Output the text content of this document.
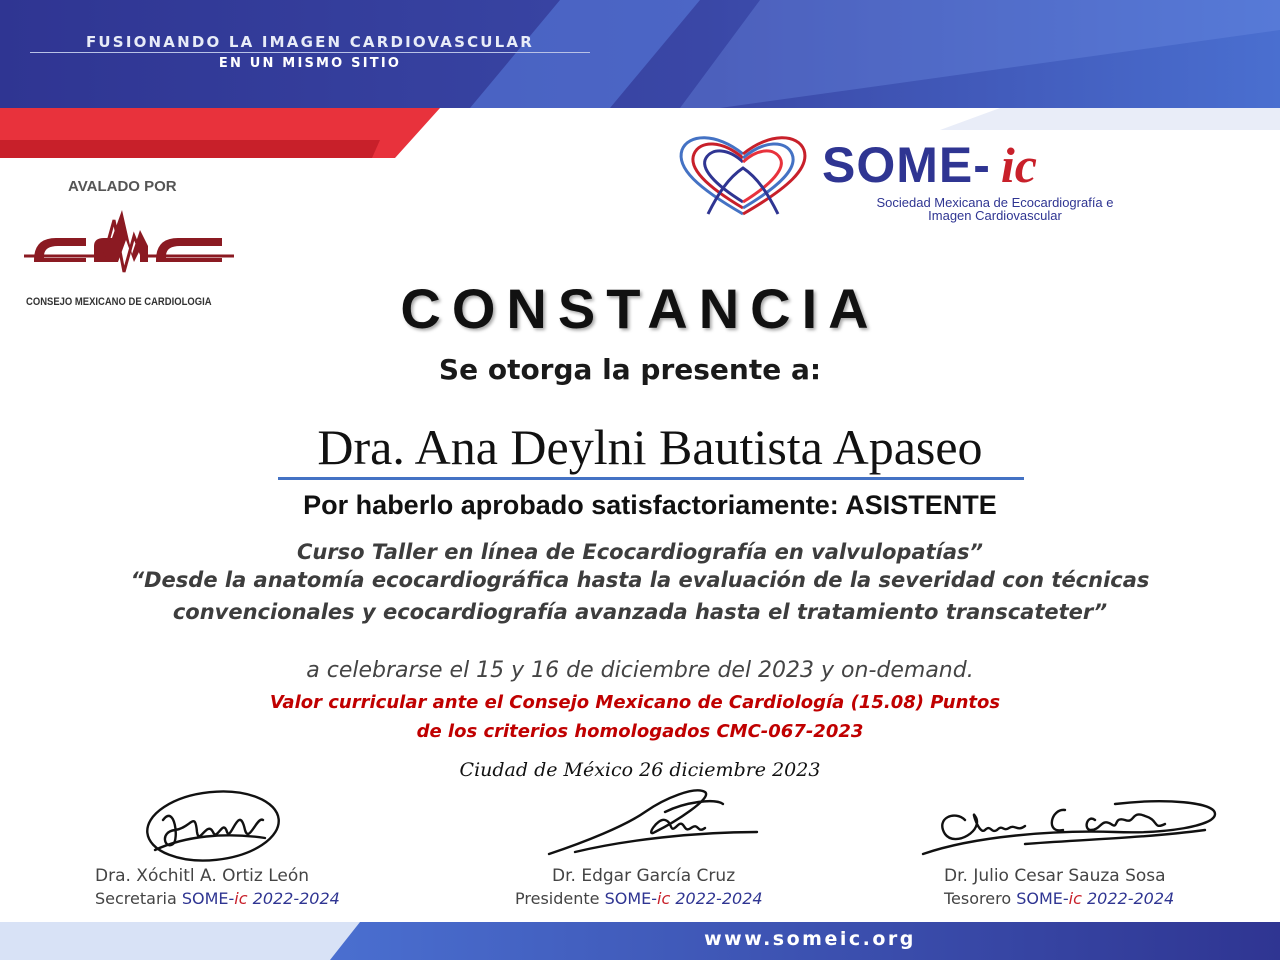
FUSIONANDO LA IMAGEN CARDIOVASCULAR
EN UN MISMO SITIO
AVALADO POR
CONSEJO MEXICANO DE CARDIOLOGIA
SOME- ic
Sociedad Mexicana de Ecocardiografía e
Imagen Cardiovascular
CONSTANCIA
Se otorga la presente a:
Dra. Ana Deylni Bautista Apaseo
Por haberlo aprobado satisfactoriamente: ASISTENTE
Curso Taller en línea de Ecocardiografía en valvulopatías”
“Desde la anatomía ecocardiográfica hasta la evaluación de la severidad con técnicas
convencionales y ecocardiografía avanzada hasta el tratamiento transcateter”
a celebrarse el 15 y 16 de diciembre del 2023 y on-demand.
Valor curricular ante el Consejo Mexicano de Cardiología (15.08) Puntos
de los criterios homologados CMC-067-2023
Ciudad de México 26 diciembre 2023
Dra. Xóchitl A. Ortiz León
Secretaria SOME-ic 2022-2024
Dr. Edgar García Cruz
Presidente SOME-ic 2022-2024
Dr. Julio Cesar Sauza Sosa
Tesorero SOME-ic 2022-2024
www.someic.org
